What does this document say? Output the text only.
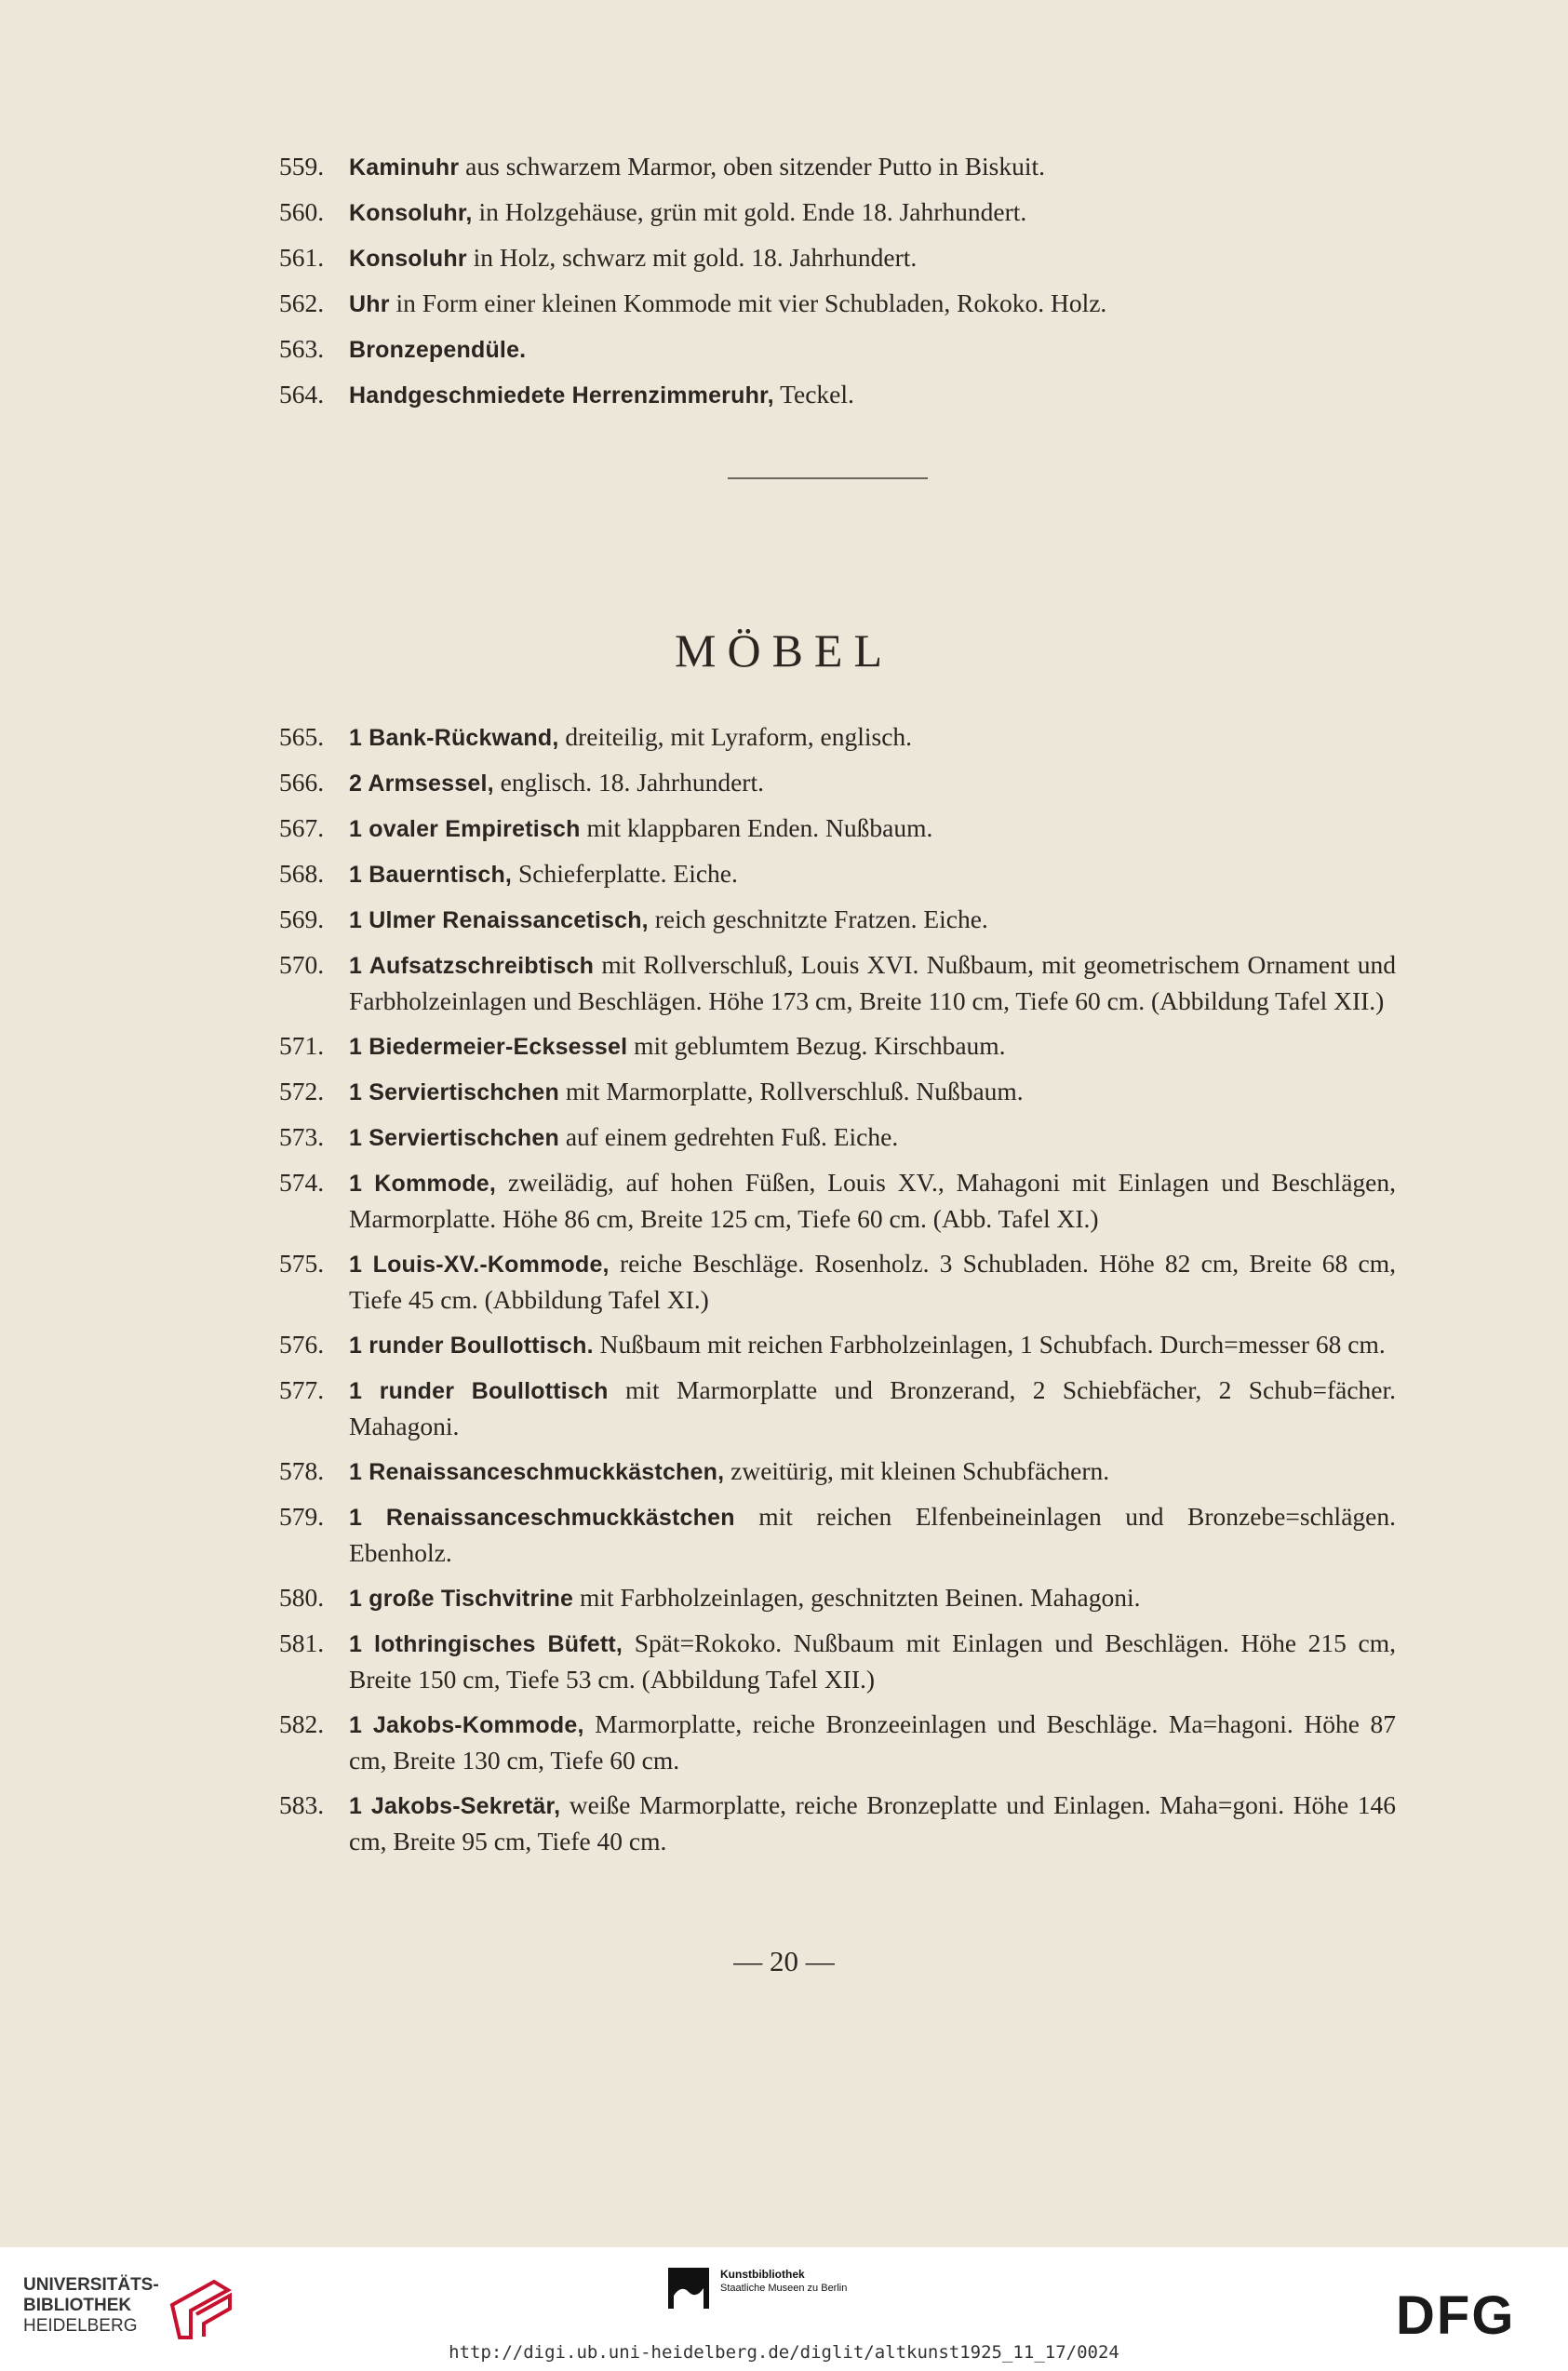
559.	Kaminuhr aus schwarzem Marmor, oben sitzender Putto in Biskuit.
560.	Konsoluhr, in Holzgehäuse, grün mit gold. Ende 18. Jahrhundert.
561.	Konsoluhr in Holz, schwarz mit gold. 18. Jahrhundert.
562.	Uhr in Form einer kleinen Kommode mit vier Schubladen, Rokoko. Holz.
563.	Bronzependüle.
564.	Handgeschmiedete Herrenzimmeruhr, Teckel.
MÖBEL
565.	1 Bank-Rückwand, dreiteilig, mit Lyraform, englisch.
566.	2 Armsessel, englisch. 18. Jahrhundert.
567.	1 ovaler Empiretisch mit klappbaren Enden. Nußbaum.
568.	1 Bauerntisch, Schieferplatte. Eiche.
569.	1 Ulmer Renaissancetisch, reich geschnitzte Fratzen. Eiche.
570.	1 Aufsatzschreibtisch mit Rollverschluß, Louis XVI. Nußbaum, mit geometrischem Ornament und Farbholzeinlagen und Beschlägen. Höhe 173 cm, Breite 110 cm, Tiefe 60 cm. (Abbildung Tafel XII.)
571.	1 Biedermeier-Ecksessel mit geblumtem Bezug. Kirschbaum.
572.	1 Serviertischchen mit Marmorplatte, Rollverschluß. Nußbaum.
573.	1 Serviertischchen auf einem gedrehten Fuß. Eiche.
574.	1 Kommode, zweilädig, auf hohen Füßen, Louis XV., Mahagoni mit Einlagen und Beschlägen, Marmorplatte. Höhe 86 cm, Breite 125 cm, Tiefe 60 cm. (Abb. Tafel XI.)
575.	1 Louis-XV.-Kommode, reiche Beschläge. Rosenholz. 3 Schubladen. Höhe 82 cm, Breite 68 cm, Tiefe 45 cm. (Abbildung Tafel XI.)
576.	1 runder Boullottisch. Nußbaum mit reichen Farbholzeinlagen, 1 Schubfach. Durch=messer 68 cm.
577.	1 runder Boullottisch mit Marmorplatte und Bronzerand, 2 Schiebfächer, 2 Schub=fächer. Mahagoni.
578.	1 Renaissanceschmuckkästchen, zweitürig, mit kleinen Schubfächern.
579.	1 Renaissanceschmuckkästchen mit reichen Elfenbeineinlagen und Bronzebe=schlägen. Ebenholz.
580.	1 große Tischvitrine mit Farbholzeinlagen, geschnitzten Beinen. Mahagoni.
581.	1 lothringisches Büfett, Spät=Rokoko. Nußbaum mit Einlagen und Beschlägen. Höhe 215 cm, Breite 150 cm, Tiefe 53 cm. (Abbildung Tafel XII.)
582.	1 Jakobs-Kommode, Marmorplatte, reiche Bronzeeinlagen und Beschläge. Ma=hagoni. Höhe 87 cm, Breite 130 cm, Tiefe 60 cm.
583.	1 Jakobs-Sekretär, weiße Marmorplatte, reiche Bronzeplatte und Einlagen. Maha=goni. Höhe 146 cm, Breite 95 cm, Tiefe 40 cm.
— 20 —
UNIVERSITÄTS-
BIBLIOTHEK
HEIDELBERG
Kunstbibliothek
Staatliche Museen zu Berlin	DFG
http://digi.ub.uni-heidelberg.de/diglit/altkunst1925_11_17/0024
